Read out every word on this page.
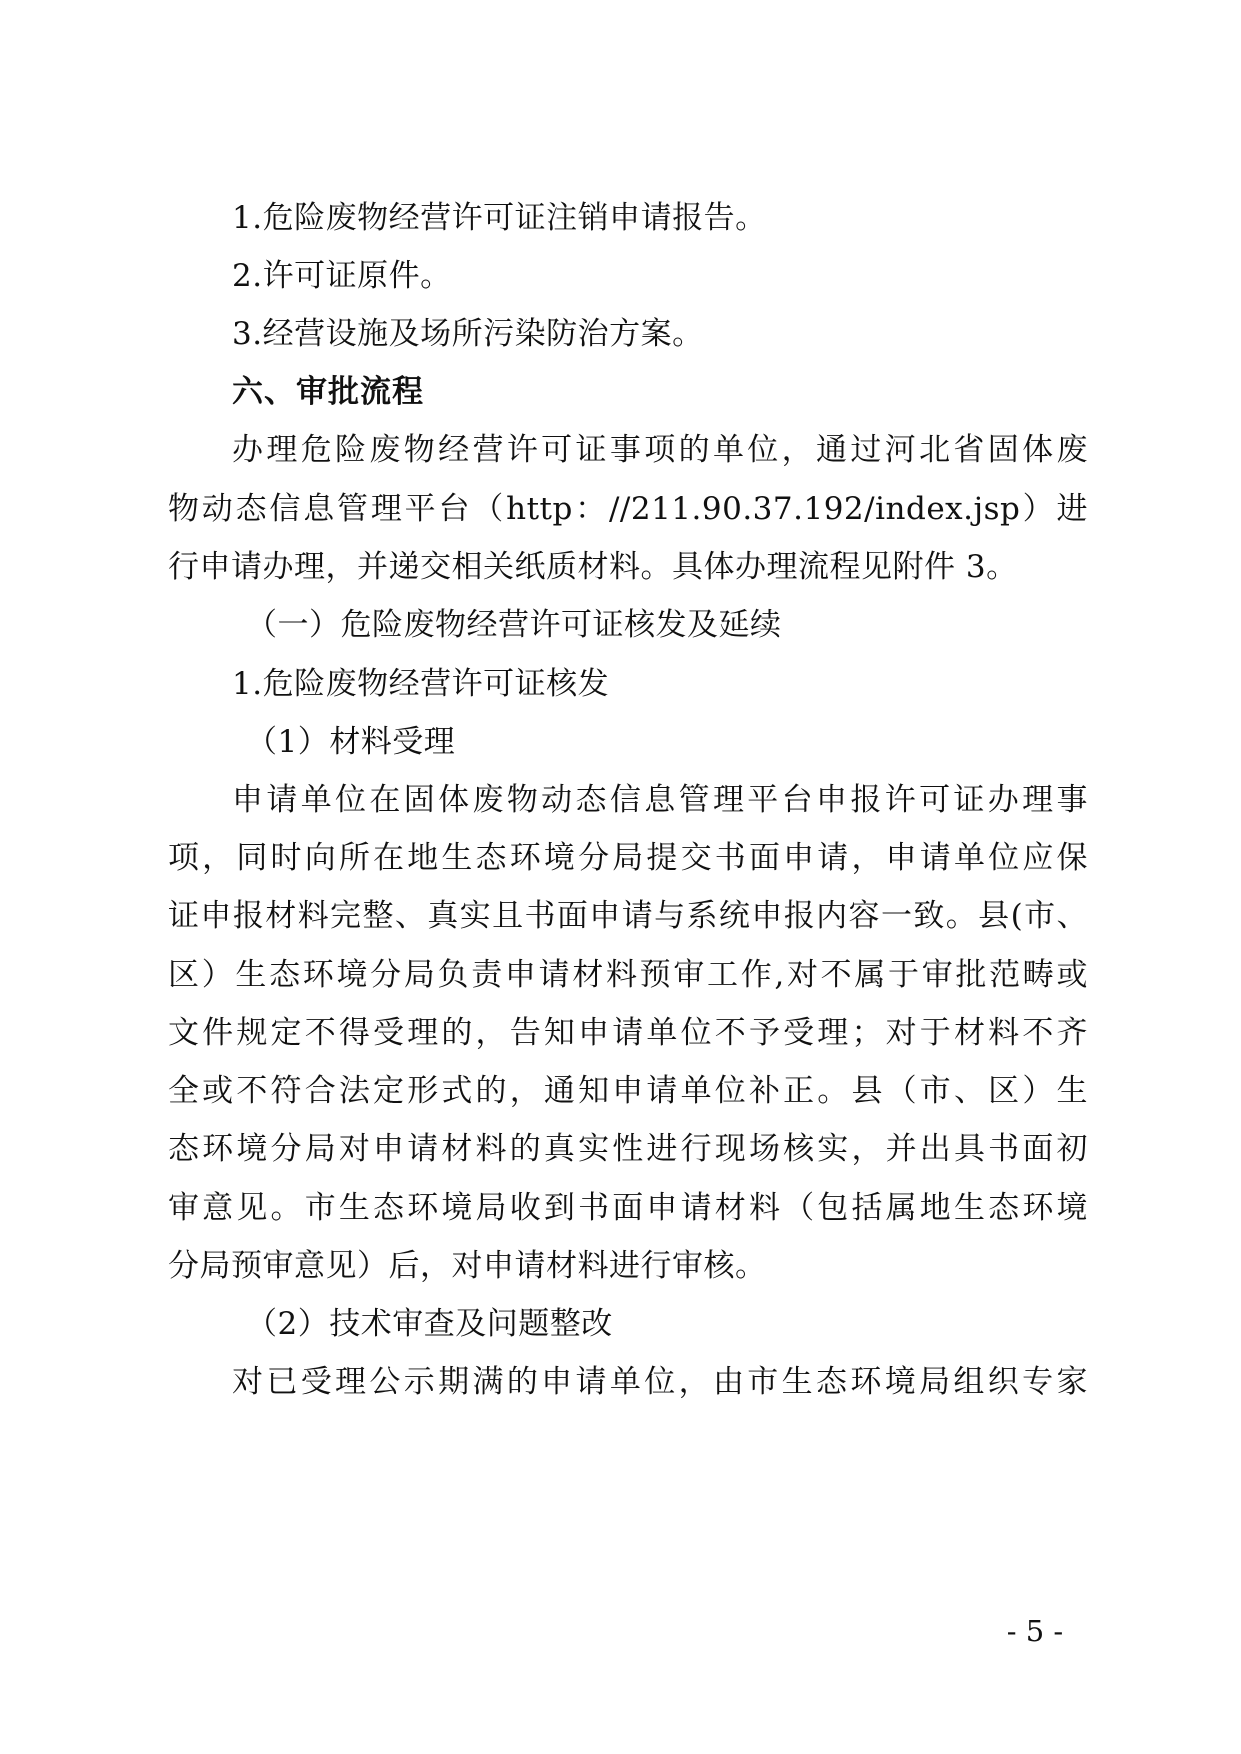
1.危险废物经营许可证注销申请报告。
2.许可证原件。
3.经营设施及场所污染防治方案。
六、审批流程
办理危险废物经营许可证事项的单位，通过河北省固体废
物动态信息管理平台（http：//211.90.37.192/index.jsp）进
行申请办理，并递交相关纸质材料。具体办理流程见附件 3。
（一）危险废物经营许可证核发及延续
1.危险废物经营许可证核发
（1）材料受理
申请单位在固体废物动态信息管理平台申报许可证办理事
项，同时向所在地生态环境分局提交书面申请，申请单位应保
证申报材料完整、真实且书面申请与系统申报内容一致。县(市、
区）生态环境分局负责申请材料预审工作,对不属于审批范畴或
文件规定不得受理的，告知申请单位不予受理；对于材料不齐
全或不符合法定形式的，通知申请单位补正。县（市、区）生
态环境分局对申请材料的真实性进行现场核实，并出具书面初
审意见。市生态环境局收到书面申请材料（包括属地生态环境
分局预审意见）后，对申请材料进行审核。
（2）技术审查及问题整改
对已受理公示期满的申请单位，由市生态环境局组织专家
- 5 -
